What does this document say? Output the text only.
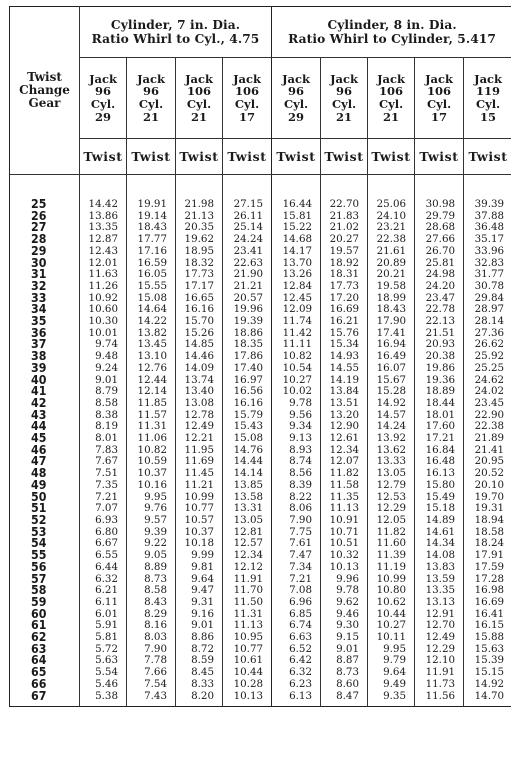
Twist
Change
Gear	Cylinder, 7 in. Dia.
Ratio Whirl to Cyl., 4.75				Cylinder, 8 in. Dia.
Ratio Whirl to Cylinder, 5.417				

	Jack
96
Cyl.
29	Jack
96
Cyl.
21	Jack
106
Cyl.
21	Jack
106
Cyl.
17	Jack
96
Cyl.
29	Jack
96
Cyl.
21	Jack
106
Cyl.
21	Jack
106
Cyl.
17	Jack
119
Cyl.
15

	Twist	Twist	Twist	Twist	Twist	Twist	Twist	Twist	Twist

25	14.42	19.91	21.98	27.15	16.44	22.70	25.06	30.98	39.39
26	13.86	19.14	21.13	26.11	15.81	21.83	24.10	29.79	37.88
27	13.35	18.43	20.35	25.14	15.22	21.02	23.21	28.68	36.48
28	12.87	17.77	19.62	24.24	14.68	20.27	22.38	27.66	35.17
29	12.43	17.16	18.95	23.41	14.17	19.57	21.61	26.70	33.96
30	12.01	16.59	18.32	22.63	13.70	18.92	20.89	25.81	32.83
31	11.63	16.05	17.73	21.90	13.26	18.31	20.21	24.98	31.77
32	11.26	15.55	17.17	21.21	12.84	17.73	19.58	24.20	30.78
33	10.92	15.08	16.65	20.57	12.45	17.20	18.99	23.47	29.84
34	10.60	14.64	16.16	19.96	12.09	16.69	18.43	22.78	28.97
35	10.30	14.22	15.70	19.39	11.74	16.21	17.90	22.13	28.14
36	10.01	13.82	15.26	18.86	11.42	15.76	17.41	21.51	27.36
37	9.74	13.45	14.85	18.35	11.11	15.34	16.94	20.93	26.62
38	9.48	13.10	14.46	17.86	10.82	14.93	16.49	20.38	25.92
39	9.24	12.76	14.09	17.40	10.54	14.55	16.07	19.86	25.25
40	9.01	12.44	13.74	16.97	10.27	14.19	15.67	19.36	24.62
41	8.79	12.14	13.40	16.56	10.02	13.84	15.28	18.89	24.02
42	8.58	11.85	13.08	16.16	9.78	13.51	14.92	18.44	23.45
43	8.38	11.57	12.78	15.79	9.56	13.20	14.57	18.01	22.90
44	8.19	11.31	12.49	15.43	9.34	12.90	14.24	17.60	22.38
45	8.01	11.06	12.21	15.08	9.13	12.61	13.92	17.21	21.89
46	7.83	10.82	11.95	14.76	8.93	12.34	13.62	16.84	21.41
47	7.67	10.59	11.69	14.44	8.74	12.07	13.33	16.48	20.95
48	7.51	10.37	11.45	14.14	8.56	11.82	13.05	16.13	20.52
49	7.35	10.16	11.21	13.85	8.39	11.58	12.79	15.80	20.10
50	7.21	9.95	10.99	13.58	8.22	11.35	12.53	15.49	19.70
51	7.07	9.76	10.77	13.31	8.06	11.13	12.29	15.18	19.31
52	6.93	9.57	10.57	13.05	7.90	10.91	12.05	14.89	18.94
53	6.80	9.39	10.37	12.81	7.75	10.71	11.82	14.61	18.58
54	6.67	9.22	10.18	12.57	7.61	10.51	11.60	14.34	18.24
55	6.55	9.05	9.99	12.34	7.47	10.32	11.39	14.08	17.91
56	6.44	8.89	9.81	12.12	7.34	10.13	11.19	13.83	17.59
57	6.32	8.73	9.64	11.91	7.21	9.96	10.99	13.59	17.28
58	6.21	8.58	9.47	11.70	7.08	9.78	10.80	13.35	16.98
59	6.11	8.43	9.31	11.50	6.96	9.62	10.62	13.13	16.69
60	6.01	8.29	9.16	11.31	6.85	9.46	10.44	12.91	16.41
61	5.91	8.16	9.01	11.13	6.74	9.30	10.27	12.70	16.15
62	5.81	8.03	8.86	10.95	6.63	9.15	10.11	12.49	15.88
63	5.72	7.90	8.72	10.77	6.52	9.01	9.95	12.29	15.63
64	5.63	7.78	8.59	10.61	6.42	8.87	9.79	12.10	15.39
65	5.54	7.66	8.45	10.44	6.32	8.73	9.64	11.91	15.15
66	5.46	7.54	8.33	10.28	6.23	8.60	9.49	11.73	14.92
67	5.38	7.43	8.20	10.13	6.13	8.47	9.35	11.56	14.70
